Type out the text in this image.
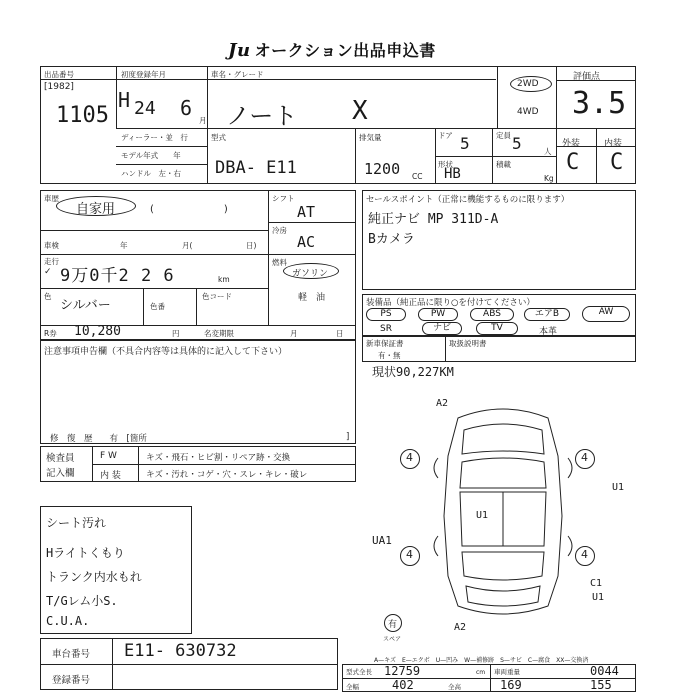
Ju オークション出品申込書
出品番号
[1982]
1105
初度登録年月
H 24 6
月
車名・グレード
ノート X
2WD
4WD
評価点
3.5
ディーラー・並　行
モデル年式　　年
ハンドル　左・右
型式
DBA- E11
排気量
1200 CC
ドア 5	定員 5	人
形状
HB
積載
Kg
外装	内装
C C
車歴
自家用	(　　　　　　　)
シフト
AT
冷房
AC
燃料
ガソリン
軽　油
車検	年	月(	日)
走行
✓ 9万0千2 2 6	km
色
シルバー	色番
色コード
R券 10,280	円	名変期限	月	日
注意事項申告欄（不具合内容等は具体的に記入して下さい）
修　復　歴　　有　[箇所	]
セールスポイント（正常に機能するものに限ります）
純正ナビ MP 311D-A
Bカメラ
装備品（純正品に限り○を付けてください）
PS	PW	ABS	エアB	AW
SR	ナビ	TV	本革
新車保証書
有・無
取扱説明書
現状90,227KM
検査員
記入欄
F W	キズ・飛石・ヒビ割・リペア跡・交換
内 装	キズ・汚れ・コゲ・穴・スレ・キレ・破レ
シート汚れ
Hライトくもり
トランク内水もれ
T/Gレム小S.
C.U.A.
4	4
4	4
A2
U1
U1
UA1
C1
U1
A2
有
スペア
車台番号 E11- 630732
登録番号
A—キズ　E—エクボ　U—凹み　W—補修跡　S—サビ　C—腐食　XX—交換済
型式全長 12759	cm 車両重量	0044
全幅	402	全高	169	155
